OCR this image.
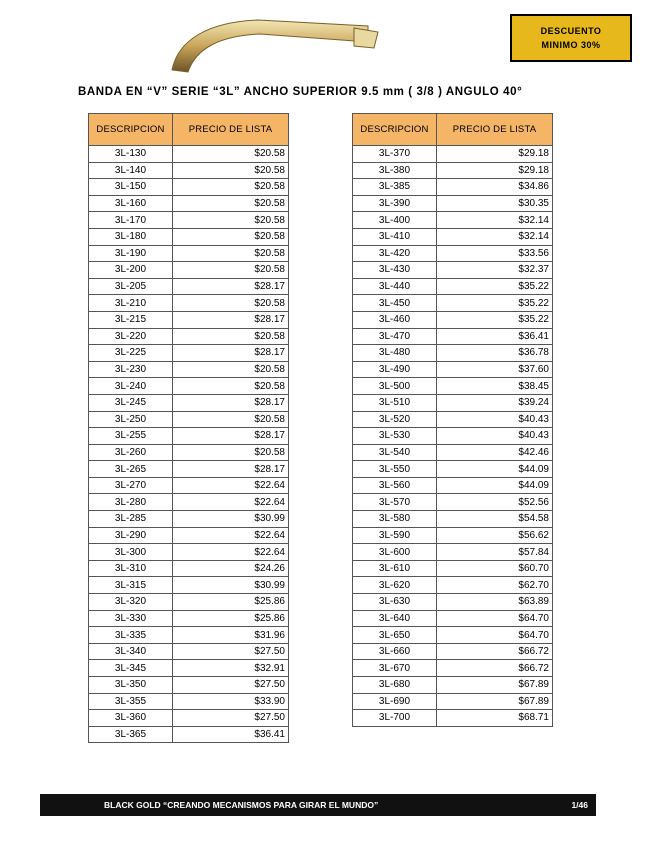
DESCUENTO
MINIMO 30%
BANDA EN “V” SERIE “3L” ANCHO SUPERIOR 9.5 mm ( 3/8 ) ANGULO 40°
DESCRIPCION	PRECIO DE LISTA
3L-130	$20.58
3L-140	$20.58
3L-150	$20.58
3L-160	$20.58
3L-170	$20.58
3L-180	$20.58
3L-190	$20.58
3L-200	$20.58
3L-205	$28.17
3L-210	$20.58
3L-215	$28.17
3L-220	$20.58
3L-225	$28.17
3L-230	$20.58
3L-240	$20.58
3L-245	$28.17
3L-250	$20.58
3L-255	$28.17
3L-260	$20.58
3L-265	$28.17
3L-270	$22.64
3L-280	$22.64
3L-285	$30.99
3L-290	$22.64
3L-300	$22.64
3L-310	$24.26
3L-315	$30.99
3L-320	$25.86
3L-330	$25.86
3L-335	$31.96
3L-340	$27.50
3L-345	$32.91
3L-350	$27.50
3L-355	$33.90
3L-360	$27.50
3L-365	$36.41
DESCRIPCION	PRECIO DE LISTA
3L-370	$29.18
3L-380	$29.18
3L-385	$34.86
3L-390	$30.35
3L-400	$32.14
3L-410	$32.14
3L-420	$33.56
3L-430	$32.37
3L-440	$35.22
3L-450	$35.22
3L-460	$35.22
3L-470	$36.41
3L-480	$36.78
3L-490	$37.60
3L-500	$38.45
3L-510	$39.24
3L-520	$40.43
3L-530	$40.43
3L-540	$42.46
3L-550	$44.09
3L-560	$44.09
3L-570	$52.56
3L-580	$54.58
3L-590	$56.62
3L-600	$57.84
3L-610	$60.70
3L-620	$62.70
3L-630	$63.89
3L-640	$64.70
3L-650	$64.70
3L-660	$66.72
3L-670	$66.72
3L-680	$67.89
3L-690	$67.89
3L-700	$68.71
BLACK GOLD “CREANDO MECANISMOS PARA GIRAR EL MUNDO”	1/46
